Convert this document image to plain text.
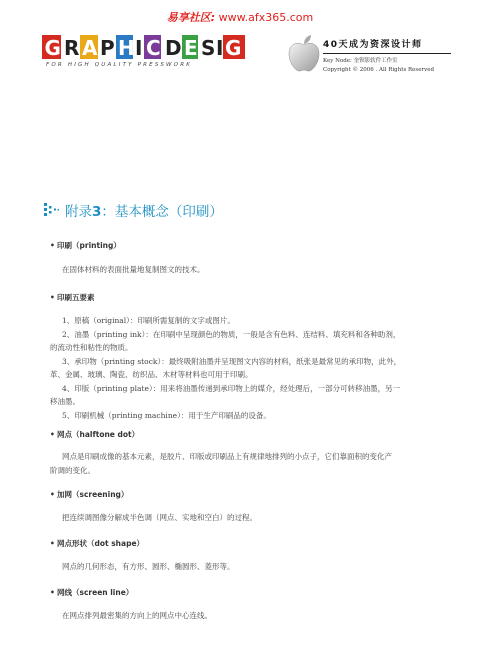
易享社区: www.afx365.com
G R A P H I C D E S I G
FOR HIGH QUALITY PRESSWORK
40天成为资深设计师
Key Node: 奎钡影软件工作室
Copyright © 2006 . All Rights Reserved
附录3：基本概念（印刷）
• 印刷（printing）

在固体材料的表面批量地复制图文的技术。

• 印刷五要素

1、原稿（original）：印刷所需复制的文字或图片。

2、油墨（printing ink）：在印刷中呈现颜色的物质，一般是含有色料、连结料、填充料和各种助剂，

的流动性和粘性的物质。

3、承印物（printing stock）：最终吸附油墨并呈现图文内容的材料，纸张是最常见的承印物，此外，

革、金属、玻璃、陶瓷、纺织品、木材等材料也可用于印刷。

4、印版（printing plate）：用来将油墨传递到承印物上的媒介，经处理后，一部分可转移油墨，另一

移油墨。

5、印刷机械（printing machine）：用于生产印刷品的设备。

• 网点（halftone dot）

网点是印刷成像的基本元素，是胶片、印版或印刷品上有规律地排列的小点子，它们靠面积的变化产

阶调的变化。

• 加网（screening）

把连续调图像分解成半色调（网点、实地和空白）的过程。

• 网点形状（dot shape）

网点的几何形态，有方形、圆形、椭圆形、菱形等。

• 网线（screen line）

在网点排列最密集的方向上的网点中心连线。
